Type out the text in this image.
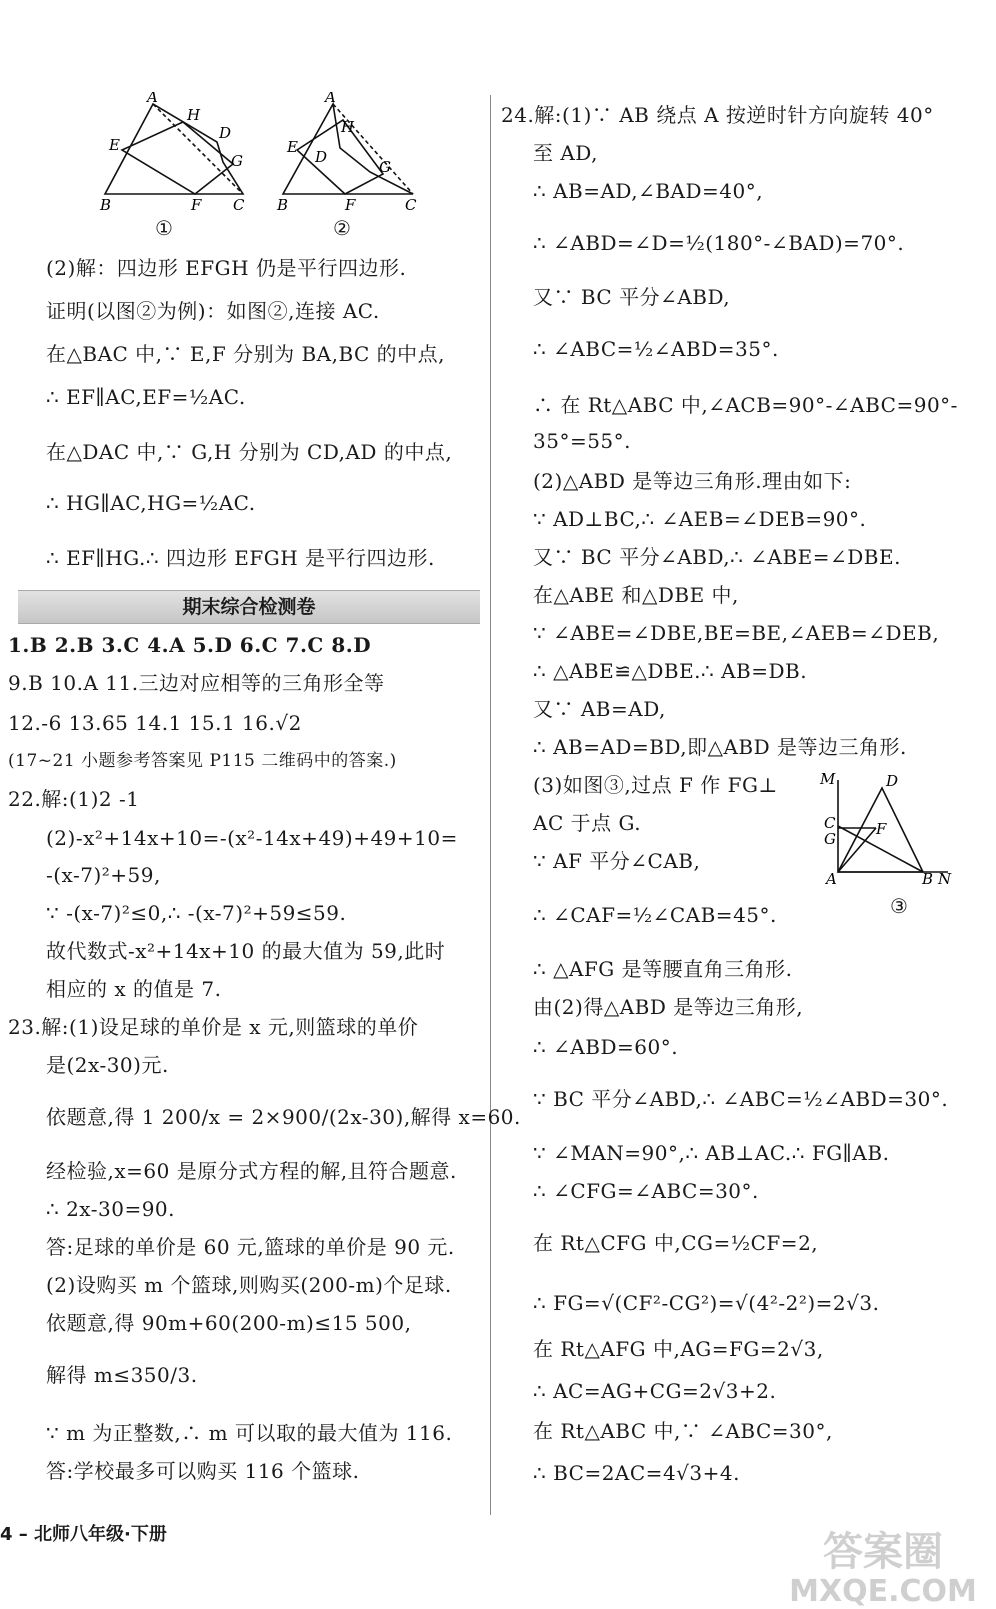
A
H
D
E
G
B	F C
①
A
H
D
E
G
B	F	C
②
(2)解：四边形 EFGH 仍是平行四边形.
证明(以图②为例)：如图②,连接 AC.
在△BAC 中,∵ E,F 分别为 BA,BC 的中点,
∴ EF∥AC,EF=½AC.
在△DAC 中,∵ G,H 分别为 CD,AD 的中点,
∴ HG∥AC,HG=½AC.
∴ EF∥HG.∴ 四边形 EFGH 是平行四边形.
期末综合检测卷
1.B 2.B 3.C 4.A 5.D 6.C 7.C 8.D
9.B 10.A 11.三边对应相等的三角形全等
12.-6 13.65 14.1 15.1 16.√2
(17~21 小题参考答案见 P115 二维码中的答案.)
22.解:(1)2 -1
(2)-x²+14x+10=-(x²-14x+49)+49+10=
-(x-7)²+59,
∵ -(x-7)²≤0,∴ -(x-7)²+59≤59.
故代数式-x²+14x+10 的最大值为 59,此时
相应的 x 的值是 7.
23.解:(1)设足球的单价是 x 元,则篮球的单价
是(2x-30)元.
依题意,得 1 200/x = 2×900/(2x-30),解得 x=60.
经检验,x=60 是原分式方程的解,且符合题意.
∴ 2x-30=90.
答:足球的单价是 60 元,篮球的单价是 90 元.
(2)设购买 m 个篮球,则购买(200-m)个足球.
依题意,得 90m+60(200-m)≤15 500,
解得 m≤350/3.
∵ m 为正整数,∴ m 可以取的最大值为 116.
答:学校最多可以购买 116 个篮球.
24.解:(1)∵ AB 绕点 A 按逆时针方向旋转 40°
至 AD,
∴ AB=AD,∠BAD=40°,
∴ ∠ABD=∠D=½(180°-∠BAD)=70°.
又∵ BC 平分∠ABD,
∴ ∠ABC=½∠ABD=35°.
∴ 在 Rt△ABC 中,∠ACB=90°-∠ABC=90°-
35°=55°.
(2)△ABD 是等边三角形.理由如下:
∵ AD⊥BC,∴ ∠AEB=∠DEB=90°.
又∵ BC 平分∠ABD,∴ ∠ABE=∠DBE.
在△ABE 和△DBE 中,
∵ ∠ABE=∠DBE,BE=BE,∠AEB=∠DEB,
∴ △ABE≌△DBE.∴ AB=DB.
又∵ AB=AD,
∴ AB=AD=BD,即△ABD 是等边三角形.
(3)如图③,过点 F 作 FG⊥
AC 于点 G.
∵ AF 平分∠CAB,
∴ ∠CAF=½∠CAB=45°.
∴ △AFG 是等腰直角三角形.
由(2)得△ABD 是等边三角形,
∴ ∠ABD=60°.
∵ BC 平分∠ABD,∴ ∠ABC=½∠ABD=30°.
∵ ∠MAN=90°,∴ AB⊥AC.∴ FG∥AB.
∴ ∠CFG=∠ABC=30°.
在 Rt△CFG 中,CG=½CF=2,
∴ FG=√(CF²-CG²)=√(4²-2²)=2√3.
在 Rt△AFG 中,AG=FG=2√3,
∴ AC=AG+CG=2√3+2.
在 Rt△ABC 中,∵ ∠ABC=30°,
∴ BC=2AC=4√3+4.
M	D
C
G
F
A	B N
③
4 – 北师八年级·下册	答案圈
MXQE.COM
